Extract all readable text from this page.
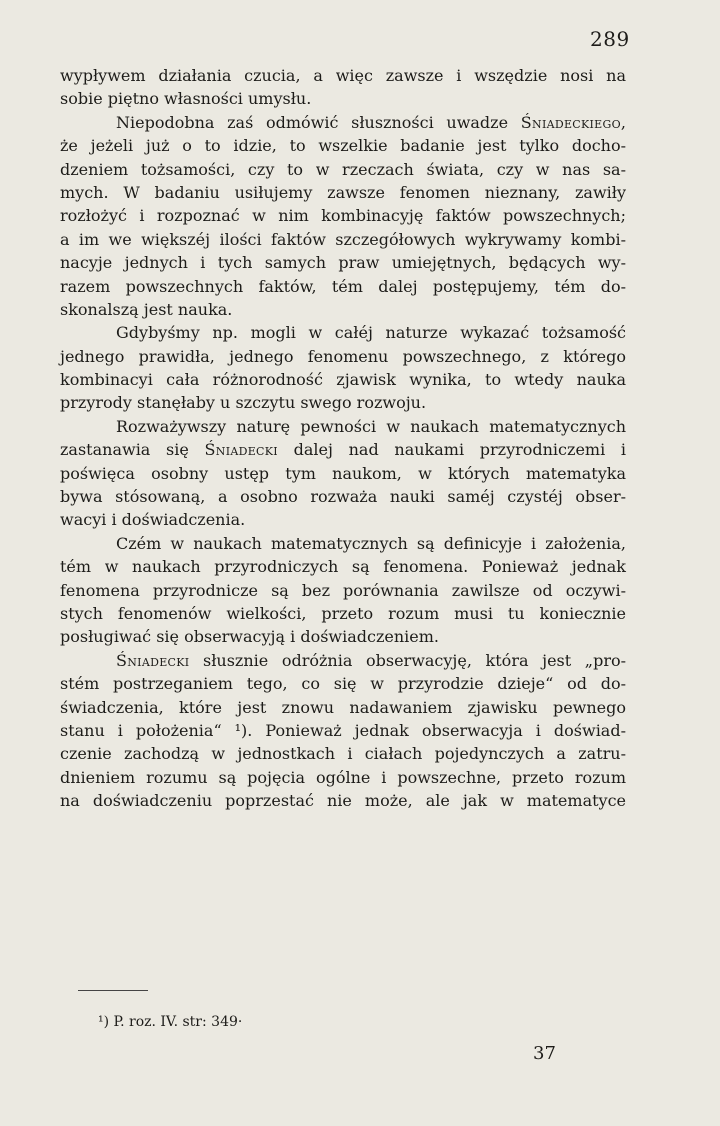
289
wypływem działania czucia, a więc zawsze i wszędzie nosi na
sobie piętno własności umysłu.
Niepodobna zaś odmówić słuszności uwadze Śniadeckiego,
że jeżeli już o to idzie, to wszelkie badanie jest tylko docho-
dzeniem tożsamości, czy to w rzeczach świata, czy w nas sa-
mych. W badaniu usiłujemy zawsze fenomen nieznany, zawiły
rozłożyć i rozpoznać w nim kombinacyję faktów powszechnych;
a im we większéj ilości faktów szczegółowych wykrywamy kombi-
nacyje jednych i tych samych praw umiejętnych, będących wy-
razem powszechnych faktów, tém dalej postępujemy, tém do-
skonalszą jest nauka.
Gdybyśmy np. mogli w całéj naturze wykazać tożsamość
jednego prawidła, jednego fenomenu powszechnego, z którego
kombinacyi cała różnorodność zjawisk wynika, to wtedy nauka
przyrody stanęłaby u szczytu swego rozwoju.
Rozważywszy naturę pewności w naukach matematycznych
zastanawia się Śniadecki dalej nad naukami przyrodniczemi i
poświęca osobny ustęp tym naukom, w których matematyka
bywa stósowaną, a osobno rozważa nauki saméj czystéj obser-
wacyi i doświadczenia.
Czém w naukach matematycznych są definicyje i założenia,
tém w naukach przyrodniczych są fenomena. Ponieważ jednak
fenomena przyrodnicze są bez porównania zawilsze od oczywi-
stych fenomenów wielkości, przeto rozum musi tu koniecznie
posługiwać się obserwacyją i doświadczeniem.
Śniadecki słusznie odróżnia obserwacyję, która jest „pro-
stém postrzeganiem tego, co się w przyrodzie dzieje“ od do-
świadczenia, które jest znowu nadawaniem zjawisku pewnego
stanu i położenia“ ¹). Ponieważ jednak obserwacyja i doświad-
czenie zachodzą w jednostkach i ciałach pojedynczych a zatru-
dnieniem rozumu są pojęcia ogólne i powszechne, przeto rozum
na doświadczeniu poprzestać nie może, ale jak w matematyce
¹) P. roz. IV. str: 349·
37
